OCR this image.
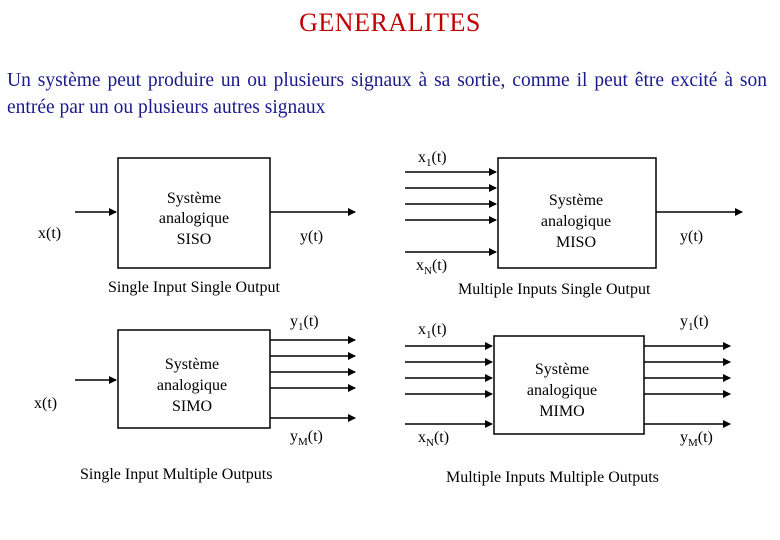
GENERALITES
Un système peut produire un ou plusieurs signaux à sa sortie, comme il peut être excité à son entrée par un ou plusieurs autres signaux
Système
analogique
SISO
x(t)	y(t)
Single Input Single Output
Système
analogique
MISO
$x_1(t)$
$x_N(t)$
y(t)
Multiple Inputs Single Output
Système
analogique
SIMO
x(t)
$y_1(t)$
$y_M(t)$
Single Input Multiple Outputs
Système
analogique
MIMO
$x_1(t)$
$x_N(t)$
$y_1(t)$
$y_M(t)$
Multiple Inputs Multiple Outputs
